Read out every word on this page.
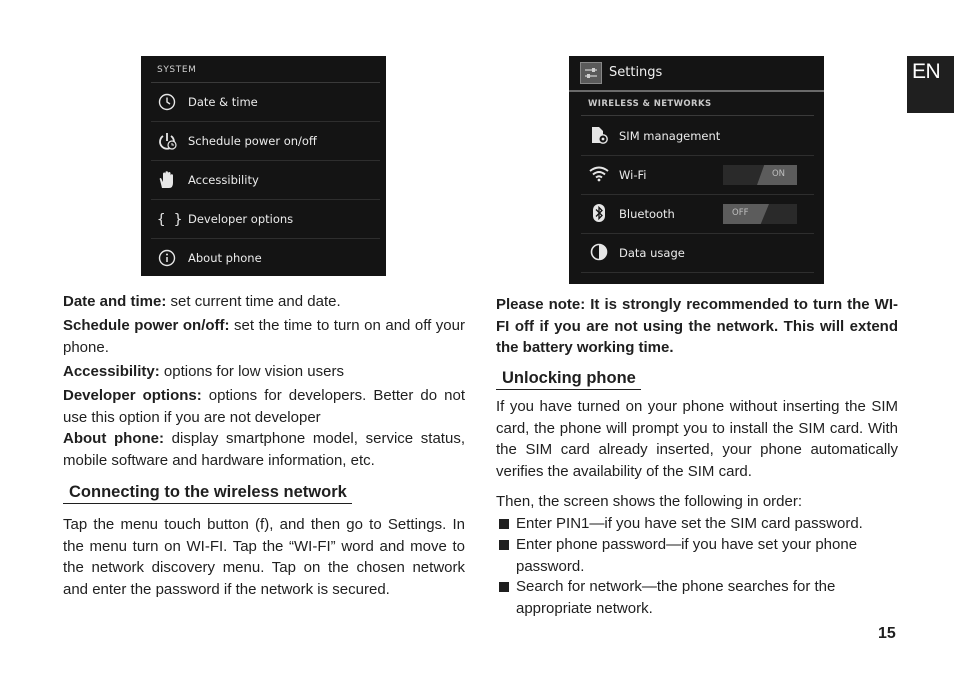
SYSTEM
Date & time
Schedule power on/off
Accessibility
{ } Developer options
About phone
Settings
WIRELESS & NETWORKS
SIM management
Wi-Fi	ON
Bluetooth	OFF
Data usage
EN
Date and time: set current time and date.
Schedule power on/off: set the time to turn on and off your phone.
Accessibility: options for low vision users
Developer options: options for developers. Better do not use this option if you are not developer
About phone: display smartphone model, service status, mobile software and hardware information, etc.
Connecting to the wireless network
Tap the menu touch button (f), and then go to Settings. In the menu turn on WI-FI. Tap the “WI-FI” word and move to the network discovery menu. Tap on the chosen network and enter the password if the network is secured.
Please note: It is strongly recommended to turn the WI-FI off if you are not using the network. This will extend the battery working time.
Unlocking phone
If you have turned on your phone without inserting the SIM card, the phone will prompt you to install the SIM card. With the SIM card already inserted, your phone automatically verifies the availability of the SIM card.
Then, the screen shows the following in order:
Enter PIN1—if you have set the SIM card password.
Enter phone password—if you have set your phone password.
Search for network—the phone searches for the appropriate network.
15
